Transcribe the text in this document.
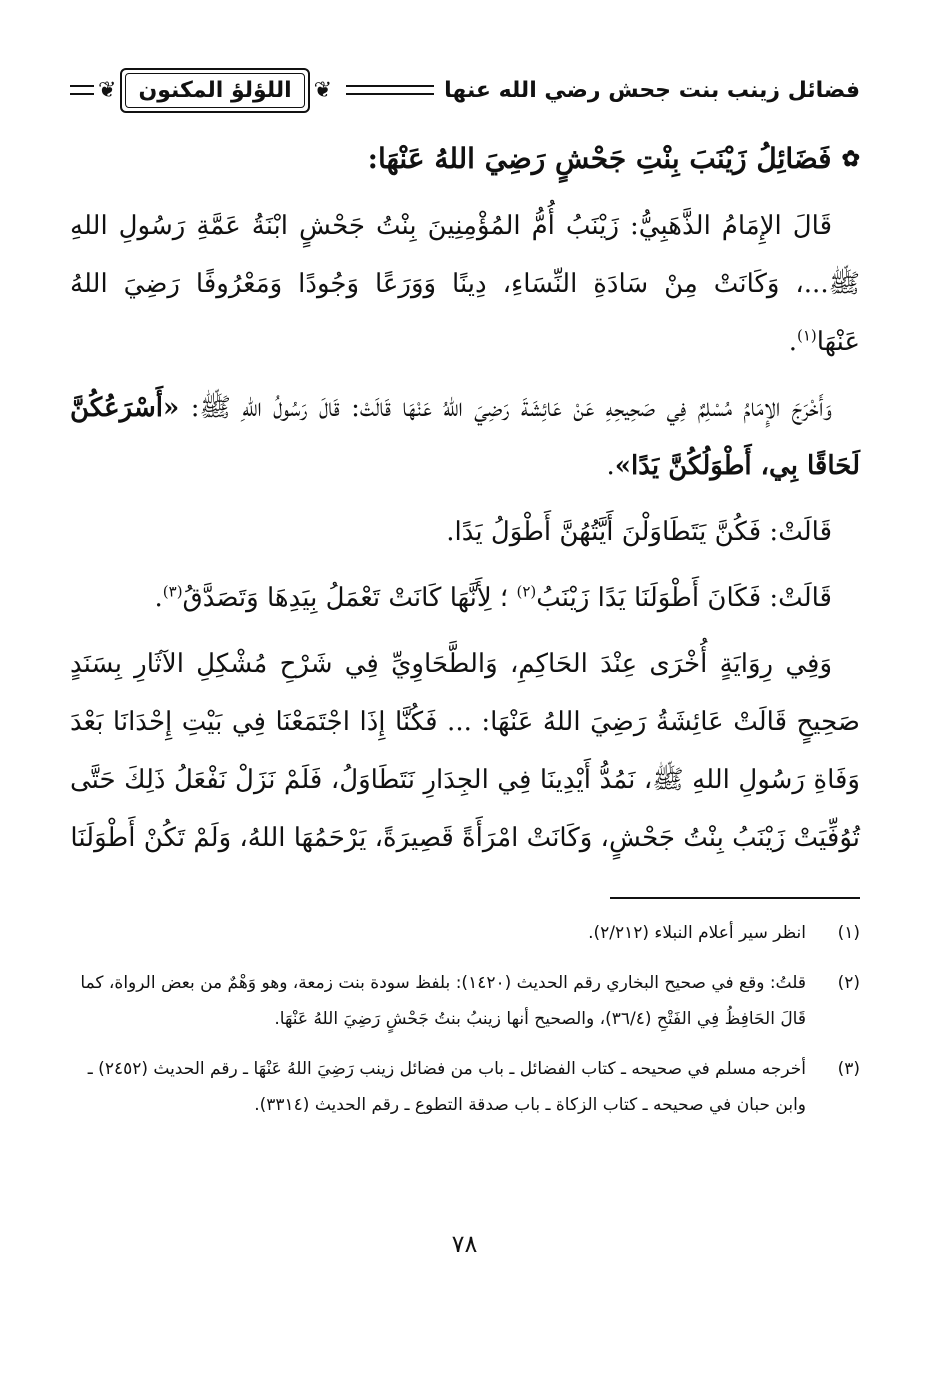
فضائل زينب بنت جحش رضي الله عنها
❦
اللؤلؤ المكنون
❦
✿
فَضَائِلُ زَيْنَبَ بِنْتِ جَحْشٍ رَضِيَ اللهُ عَنْهَا:

قَالَ الإِمَامُ الذَّهَبِيُّ: زَيْنَبُ أُمُّ المُؤْمِنِينَ بِنْتُ جَحْشٍ ابْنَةُ عَمَّةِ رَسُولِ اللهِ ﷺ...، وَكَانَتْ مِنْ سَادَةِ النِّسَاءِ، دِينًا وَوَرَعًا وَجُودًا وَمَعْرُوفًا رَضِيَ اللهُ عَنْهَا$^{(١)}$.

وَأَخْرَجَ الإِمَامُ مُسْلِمٌ فِي صَحِيحِهِ عَنْ عَائِشَةَ رَضِيَ اللهُ عَنْهَا قَالَتْ: قَالَ رَسُولُ اللهِ ﷺ: «أَسْرَعُكُنَّ لَحَاقًا بِي، أَطْوَلُكُنَّ يَدًا».

قَالَتْ: فَكُنَّ يَتَطَاوَلْنَ أَيَّتُهُنَّ أَطْوَلُ يَدًا.

قَالَتْ: فَكَانَ أَطْوَلَنَا يَدًا زَيْنَبُ$^{(٢)}$ ؛ لِأَنَّهَا كَانَتْ تَعْمَلُ بِيَدِهَا وَتَصَدَّقُ$^{(٣)}$.

وَفِي رِوَايَةٍ أُخْرَى عِنْدَ الحَاكِمِ، وَالطَّحَاوِيِّ فِي شَرْحِ مُشْكِلِ الآثَارِ بِسَنَدٍ صَحِيحٍ قَالَتْ عَائِشَةُ رَضِيَ اللهُ عَنْهَا: ... فَكُنَّا إِذَا اجْتَمَعْنَا فِي بَيْتِ إِحْدَانَا بَعْدَ وَفَاةِ رَسُولِ اللهِ ﷺ، نَمُدُّ أَيْدِينَا فِي الجِدَارِ نَتَطَاوَلُ، فَلَمْ نَزَلْ نَفْعَلُ ذَلِكَ حَتَّى تُوُفِّيَتْ زَيْنَبُ بِنْتُ جَحْشٍ، وَكَانَتْ امْرَأَةً قَصِيرَةً، يَرْحَمُهَا اللهُ، وَلَمْ تَكُنْ أَطْوَلَنَا

(١)
انظر سير أعلام النبلاء (٢/٢١٢).
(٢)
قلتُ: وقع في صحيح البخاري رقم الحديث (١٤٢٠): بلفظ سودة بنت زمعة، وهو وَهْمٌ من بعض الرواة، كما قَالَ الحَافِظُ فِي الفَتْحِ (٣٦/٤)، والصحيح أنها زينبُ بنتُ جَحْشٍ رَضِيَ اللهُ عَنْهَا.
(٣)
أخرجه مسلم في صحيحه ـ كتاب الفضائل ـ باب من فضائل زينب رَضِيَ اللهُ عَنْهَا ـ رقم الحديث (٢٤٥٢) ـ وابن حبان في صحيحه ـ كتاب الزكاة ـ باب صدقة التطوع ـ رقم الحديث (٣٣١٤).
٧٨
